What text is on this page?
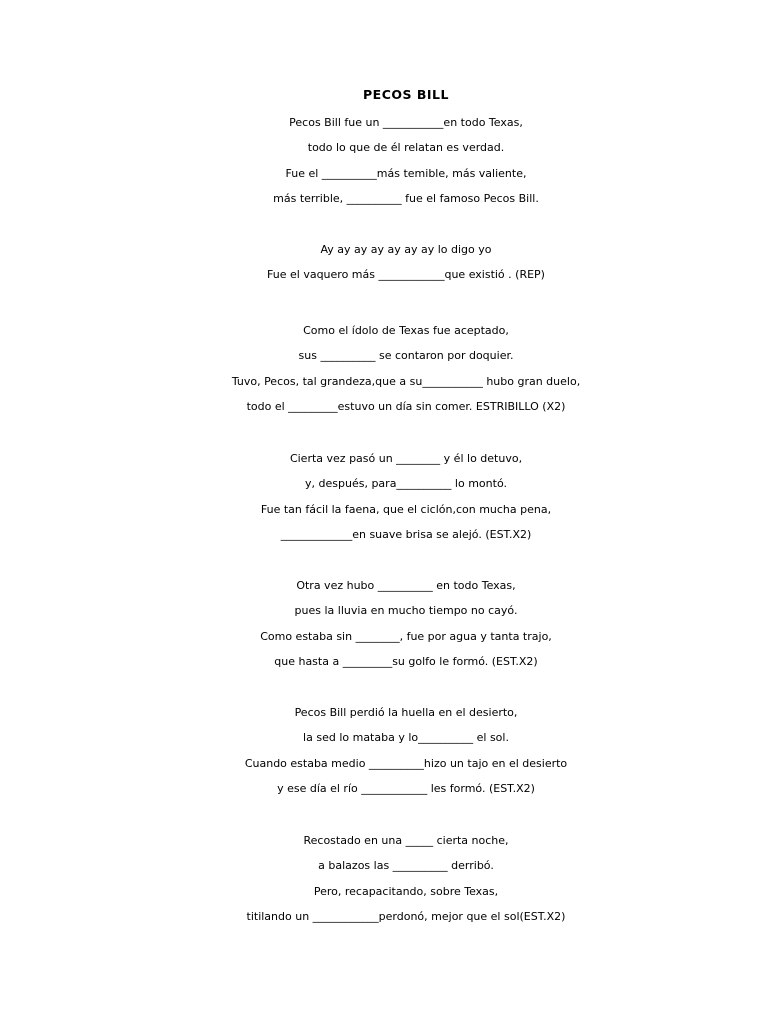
PECOS BILL
Pecos Bill fue un ___________en todo Texas,
todo lo que de él relatan es verdad.
Fue el __________más temible, más valiente,
más terrible, __________ fue el famoso Pecos Bill.
Ay ay ay ay ay ay ay lo digo yo
Fue el vaquero más ____________que existió . (REP)
Como el ídolo de Texas fue aceptado,
sus __________ se contaron por doquier.
Tuvo, Pecos, tal grandeza,que a su___________ hubo gran duelo,
todo el _________estuvo un día sin comer. ESTRIBILLO (X2)
Cierta vez pasó un ________ y él lo detuvo,
y, después, para__________ lo montó.
Fue tan fácil la faena, que el ciclón,con mucha pena,
_____________en suave brisa se alejó. (EST.X2)
Otra vez hubo __________ en todo Texas,
pues la lluvia en mucho tiempo no cayó.
Como estaba sin ________, fue por agua y tanta trajo,
que hasta a _________su golfo le formó. (EST.X2)
Pecos Bill perdió la huella en el desierto,
la sed lo mataba y lo__________ el sol.
Cuando estaba medio __________hizo un tajo en el desierto
y ese día el río ____________ les formó. (EST.X2)
Recostado en una _____ cierta noche,
a balazos las __________ derribó.
Pero, recapacitando, sobre Texas,
titilando un ____________perdonó, mejor que el sol(EST.X2)
